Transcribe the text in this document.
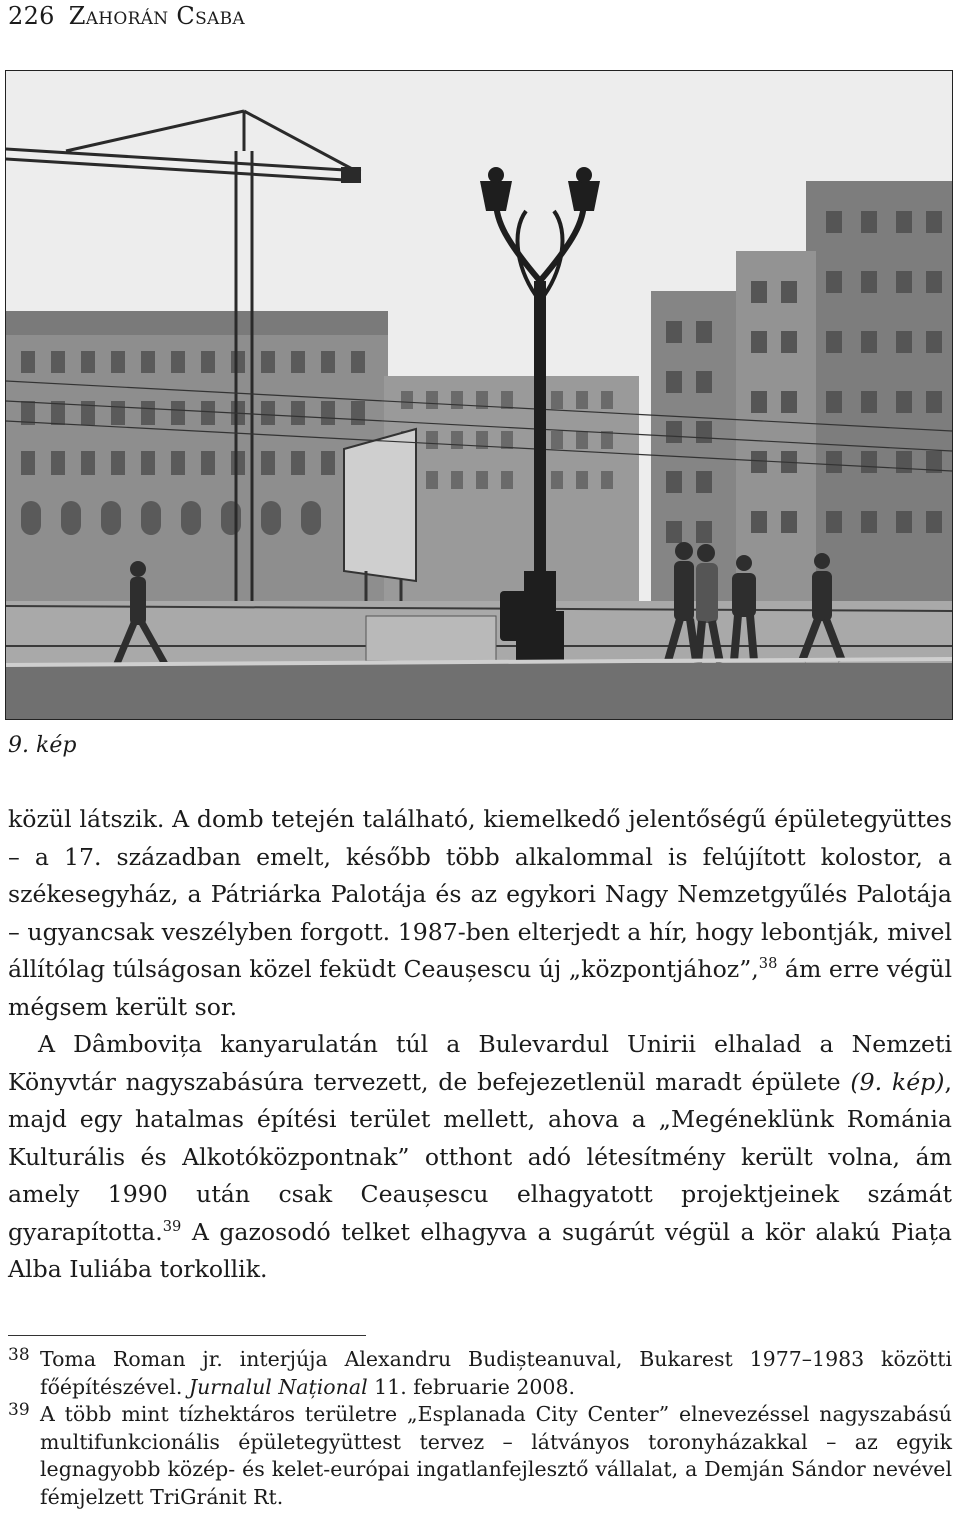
226 Zahorán Csaba
9. kép

közül látszik. A domb tetején található, kiemelkedő jelentőségű épületegyüttes – a 17. században emelt, később több alkalommal is felújított kolostor, a székesegyház, a Pátriárka Palotája és az egykori Nagy Nemzetgyűlés Palotája – ugyancsak veszélyben forgott. 1987-ben elterjedt a hír, hogy lebontják, mivel állítólag túlságosan közel feküdt Ceaușescu új „központjához”,$^{38}$ ám erre végül mégsem került sor.

A Dâmbovița kanyarulatán túl a Bulevardul Unirii elhalad a Nemzeti Könyvtár nagyszabásúra tervezett, de befejezetlenül maradt épülete (9. kép), majd egy hatalmas építési terület mellett, ahova a „Megéneklünk Románia Kulturális és Alkotóközpontnak” otthont adó létesítmény került volna, ám amely 1990 után csak Ceaușescu elhagyatott projektjeinek számát gyarapította.$^{39}$ A gazosodó telket elhagyva a sugárút végül a kör alakú Piața Alba Iuliába torkollik.

38 Toma Roman jr. interjúja Alexandru Budișteanuval, Bukarest 1977–1983 közötti főépítészével. Jurnalul Național 11. februarie 2008.
39 A több mint tízhektáros területre „Esplanada City Center” elnevezéssel nagyszabású multifunkcionális épületegyüttest tervez – látványos toronyházakkal – az egyik legnagyobb közép- és kelet-európai ingatlanfejlesztő vállalat, a Demján Sándor nevével fémjelzett TriGránit Rt.
